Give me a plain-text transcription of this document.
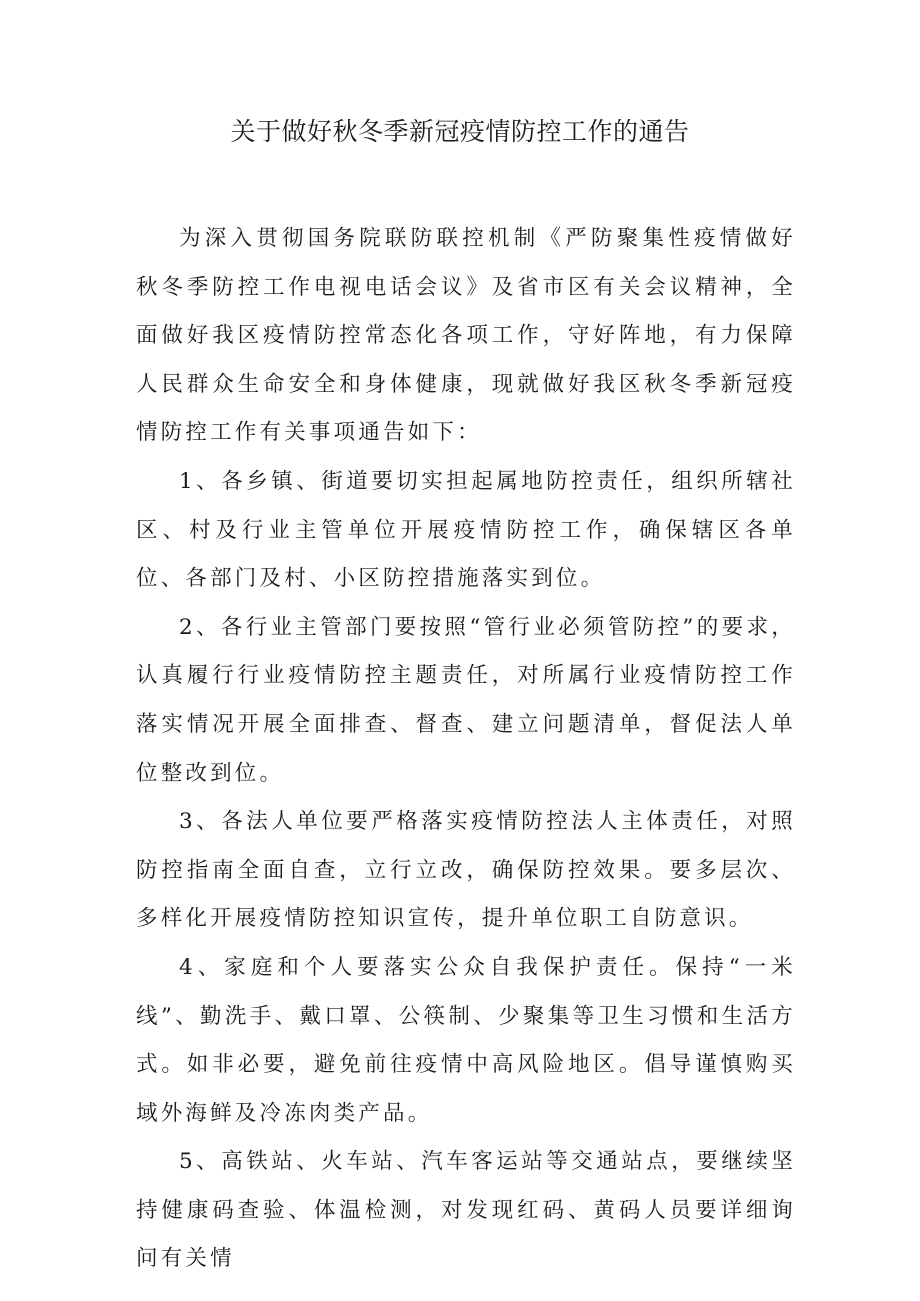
关于做好秋冬季新冠疫情防控工作的通告

为深入贯彻国务院联防联控机制《严防聚集性疫情做好秋冬季防控工作电视电话会议》及省市区有关会议精神，全面做好我区疫情防控常态化各项工作，守好阵地，有力保障人民群众生命安全和身体健康，现就做好我区秋冬季新冠疫情防控工作有关事项通告如下：

1、各乡镇、街道要切实担起属地防控责任，组织所辖社区、村及行业主管单位开展疫情防控工作，确保辖区各单位、各部门及村、小区防控措施落实到位。

2、各行业主管部门要按照“管行业必须管防控”的要求，认真履行行业疫情防控主题责任，对所属行业疫情防控工作落实情况开展全面排查、督查、建立问题清单，督促法人单位整改到位。

3、各法人单位要严格落实疫情防控法人主体责任，对照防控指南全面自查，立行立改，确保防控效果。要多层次、多样化开展疫情防控知识宣传，提升单位职工自防意识。

4、家庭和个人要落实公众自我保护责任。保持“一米线”、勤洗手、戴口罩、公筷制、少聚集等卫生习惯和生活方式。如非必要，避免前往疫情中高风险地区。倡导谨慎购买域外海鲜及冷冻肉类产品。

5、高铁站、火车站、汽车客运站等交通站点，要继续坚持健康码查验、体温检测，对发现红码、黄码人员要详细询问有关情
